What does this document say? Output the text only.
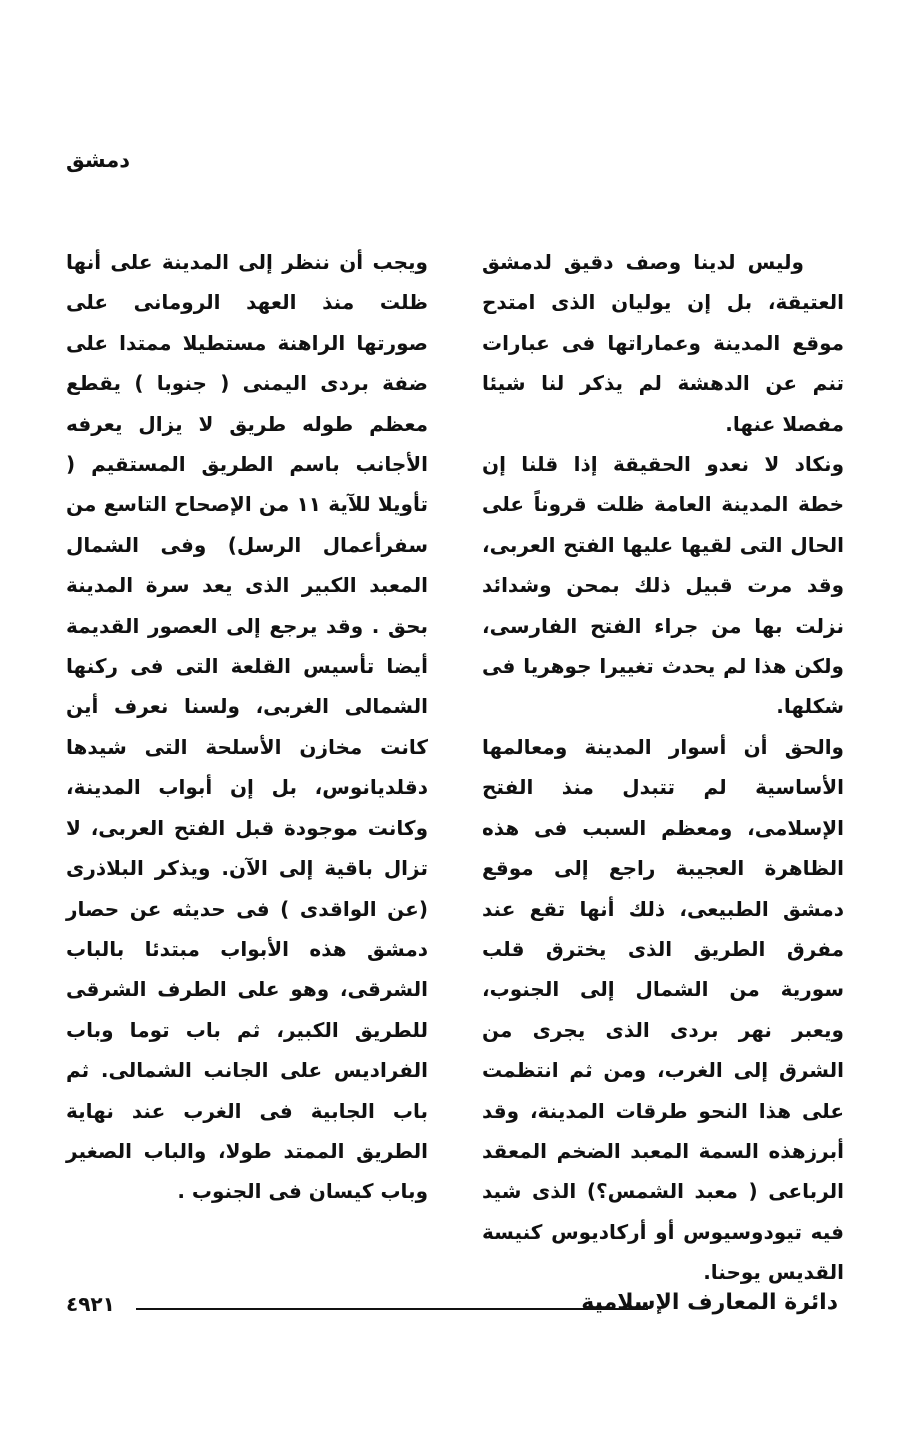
دمشق

وليس لدينا وصف دقيق لدمشق العتيقة، بل إن يوليان الذى امتدح موقع المدينة وعماراتها فى عبارات تنم عن الدهشة لم يذكر لنا شيئا مفصلا عنها.

ونكاد لا نعدو الحقيقة إذا قلنا إن خطة المدينة العامة ظلت قروناً على الحال التى لقيها عليها الفتح العربى، وقد مرت قبيل ذلك بمحن وشدائد نزلت بها من جراء الفتح الفارسى، ولكن هذا لم يحدث تغييرا جوهريا فى شكلها.

والحق أن أسوار المدينة ومعالمها الأساسية لم تتبدل منذ الفتح الإسلامى، ومعظم السبب فى هذه الظاهرة العجيبة راجع إلى موقع دمشق الطبيعى، ذلك أنها تقع عند مفرق الطريق الذى يخترق قلب سورية من الشمال إلى الجنوب، ويعبر نهر بردى الذى يجرى من الشرق إلى الغرب، ومن ثم انتظمت على هذا النحو طرقات المدينة، وقد أبرزهذه السمة المعبد الضخم المعقد الرباعى ( معبد الشمس؟) الذى شيد فيه تيودوسيوس أو أركاديوس كنيسة القديس يوحنا.

ويجب أن ننظر إلى المدينة على أنها ظلت منذ العهد الرومانى على صورتها الراهنة مستطيلا ممتدا على ضفة بردى اليمنى ( جنوبا ) يقطع معظم طوله طريق لا يزال يعرفه الأجانب باسم الطريق المستقيم ( تأويلا للآية ١١ من الإصحاح التاسع من سفرأعمال الرسل) وفى الشمال المعبد الكبير الذى يعد سرة المدينة بحق . وقد يرجع إلى العصور القديمة أيضا تأسيس القلعة التى فى ركنها الشمالى الغربى، ولسنا نعرف أين كانت مخازن الأسلحة التى شيدها دقلديانوس، بل إن أبواب المدينة، وكانت موجودة قبل الفتح العربى، لا تزال باقية إلى الآن. ويذكر البلاذرى (عن الواقدى ) فى حديثه عن حصار دمشق هذه الأبواب مبتدئا بالباب الشرقى، وهو على الطرف الشرقى للطريق الكبير، ثم باب توما وباب الفراديس على الجانب الشمالى. ثم باب الجابية فى الغرب عند نهاية الطريق الممتد طولا، والباب الصغير وباب كيسان فى الجنوب .

دائرة المعارف الإسلامية
٤٩٢١
